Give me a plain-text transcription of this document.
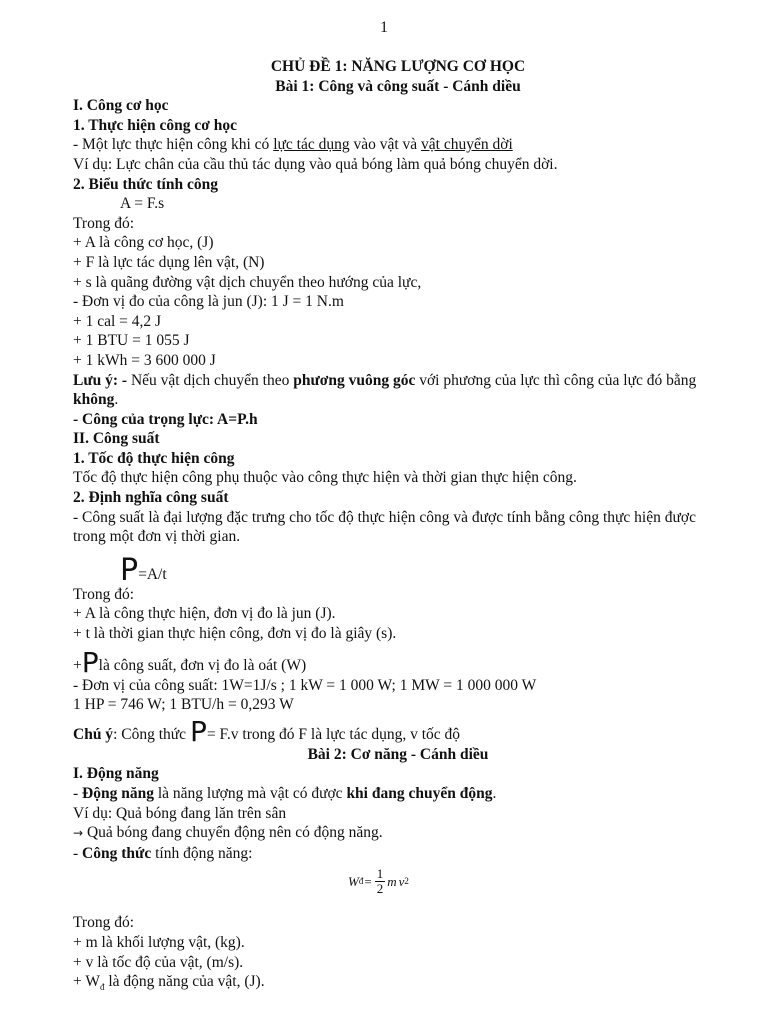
1
CHỦ ĐỀ 1: NĂNG LƯỢNG CƠ HỌC
Bài 1: Công và công suất - Cánh diều
I. Công cơ học
1. Thực hiện công cơ học
- Một lực thực hiện công khi có lực tác dụng vào vật và vật chuyển dời
Ví dụ: Lực chân của cầu thủ tác dụng vào quả bóng làm quả bóng chuyển dời.
2. Biểu thức tính công
A = F.s
Trong đó:
+ A là công cơ học, (J)
+ F là lực tác dụng lên vật, (N)
+ s là quãng đường vật dịch chuyển theo hướng của lực,
- Đơn vị đo của công là jun (J): 1 J = 1 N.m
+ 1 cal = 4,2 J
+ 1 BTU = 1 055 J
+ 1 kWh = 3 600 000 J
Lưu ý: - Nếu vật dịch chuyển theo phương vuông góc với phương của lực thì công của lực đó bằng không.
- Công của trọng lực: A=P.h
II. Công suất
1. Tốc độ thực hiện công
Tốc độ thực hiện công phụ thuộc vào công thực hiện và thời gian thực hiện công.
2. Định nghĩa công suất
- Công suất là đại lượng đặc trưng cho tốc độ thực hiện công và được tính bằng công thực hiện được trong một đơn vị thời gian.
P =A/t
Trong đó:
+ A là công thực hiện, đơn vị đo là jun (J).
+ t là thời gian thực hiện công, đơn vị đo là giây (s).
+ P là công suất, đơn vị đo là oát (W)
- Đơn vị của công suất: 1W=1J/s ; 1 kW = 1 000 W; 1 MW = 1 000 000 W
1 HP = 746 W; 1 BTU/h = 0,293 W
Chú ý : Công thức P = F.v trong đó F là lực tác dụng, v tốc độ
Bài 2: Cơ năng - Cánh diều
I. Động năng
- Động năng là năng lượng mà vật có được khi đang chuyển động.
Ví dụ: Quả bóng đang lăn trên sân
→ Quả bóng đang chuyển động nên có động năng.
- Công thức tính động năng:
W đ = $\frac{1}{2}$ m v 2
Trong đó:
+ m là khối lượng vật, (kg).
+ v là tốc độ của vật, (m/s).
+ $W_đ$ là động năng của vật, (J).
